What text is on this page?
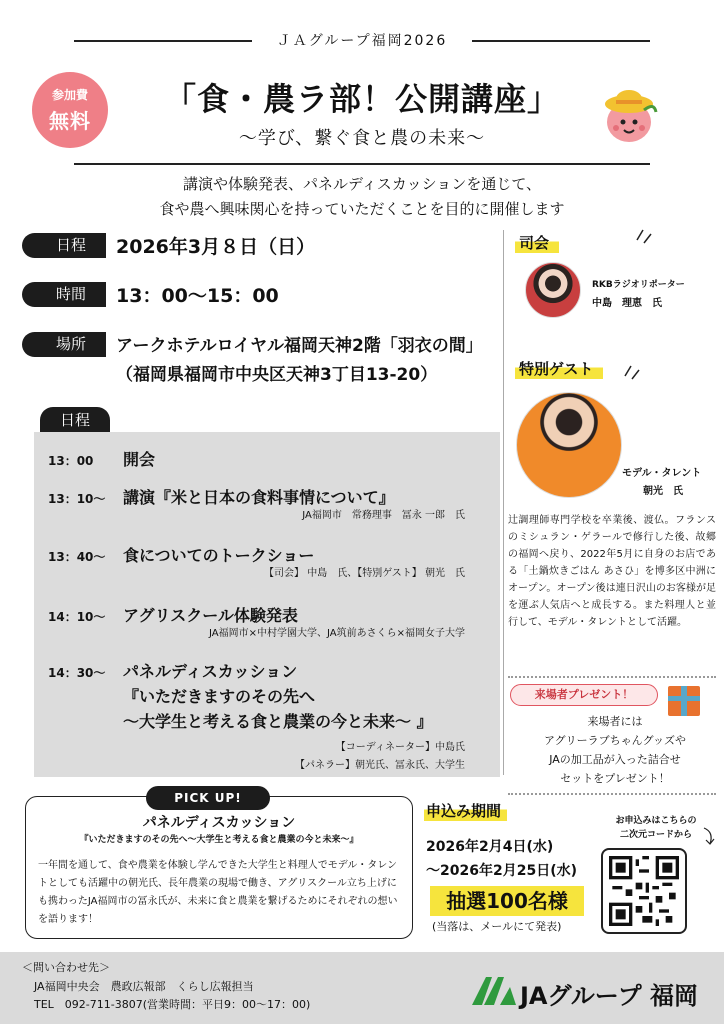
ＪＡグループ福岡2026
参加費
無料
「食・農ラ部！公開講座」
〜学び、繋ぐ食と農の未来〜
講演や体験発表、パネルディスカッションを通じて、
食や農へ興味関心を持っていただくことを目的に開催します
日程	2026年3月８日（日）
時間	13：00〜15：00
場所	アークホテルロイヤル福岡天神2階「羽衣の間」
（福岡県福岡市中央区天神3丁目13-20）
日程
13：00 開会
13：10〜 講演『米と日本の食料事情について』
JA福岡市　常務理事　冨永 一郎　氏
13：40〜 食についてのトークショー
【司会】 中島　氏、【特別ゲスト】 朝光　氏
14：10〜 アグリスクール体験発表
JA福岡市×中村学園大学、JA筑前あさくら×福岡女子大学
14：30〜 パネルディスカッション
『いただきますのその先へ
〜大学生と考える食と農業の今と未来〜 』
【コーディネーター】中島氏
【パネラー】朝光氏、冨永氏、大学生
司会
RKBラジオリポーター
中島　理恵　氏
特別ゲスト
モデル・タレント
朝光　氏
辻調理師専門学校を卒業後、渡仏。フランスのミシュラン・ゲラールで修行した後、故郷の福岡へ戻り、2022年5月に自身のお店である「土鍋炊きごはん あさひ」を博多区中洲にオープン。オープン後は連日沢山のお客様が足を運ぶ人気店へと成長する。また料理人と並行して、モデル・タレントとして活躍。
来場者プレゼント！
来場者には
アグリーラブちゃんグッズや
JAの加工品が入った詰合せ
セットをプレゼント！
PICK UP!
パネルディスカッション
『いただきますのその先へ〜大学生と考える食と農業の今と未来〜』
一年間を通して、食や農業を体験し学んできた大学生と料理人でモデル・タレントとしても活躍中の朝光氏、長年農業の現場で働き、アグリスクール立ち上げにも携わったJA福岡市の冨永氏が、未来に食と農業を繋げるためにそれぞれの想いを語ります！
申込み期間
2026年2月4日(水)
〜2026年2月25日(水)
抽選100名様
(当落は、メールにて発表)
お申込みはこちらの
二次元コードから
＜問い合わせ先＞
JA福岡中央会　農政広報部　くらし広報担当
TEL　092-711-3807(営業時間：平日9：00〜17：00)	JAグループ 福岡
